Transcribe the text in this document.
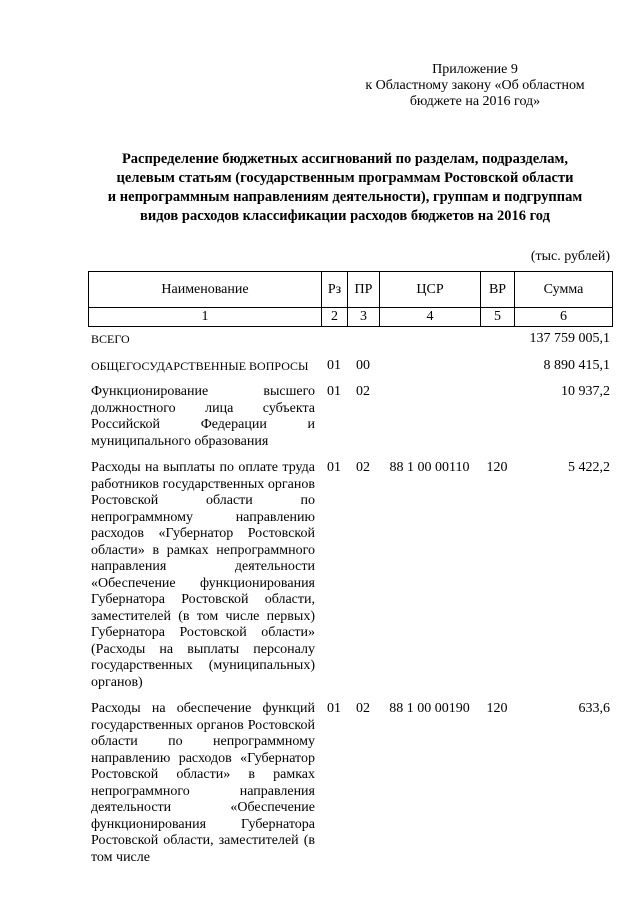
Приложение 9
к Областному закону «Об областном
бюджете на 2016 год»
Распределение бюджетных ассигнований по разделам, подразделам,
целевым статьям (государственным программам Ростовской области
и непрограммным направлениям деятельности), группам и подгруппам
видов расходов классификации расходов бюджетов на 2016 год
(тыс. рублей)
Наименование	Рз	ПР	ЦСР	ВР	Сумма
1	2	3	4	5	6
ВСЕГО					137 759 005,1
ОБЩЕГОСУДАРСТВЕННЫЕ ВОПРОСЫ	01	00			8 890 415,1
Функционирование высшего должностного лица субъекта Российской Федерации и муниципального образования	01	02			10 937,2
Расходы на выплаты по оплате труда работников государственных органов Ростовской области по непрограммному направлению расходов «Губернатор Ростовской области» в рамках непрограммного направления деятельности «Обеспечение функционирования Губернатора Ростовской области, заместителей (в том числе первых) Губернатора Ростовской области» (Расходы на выплаты персоналу государственных (муниципальных) органов)	01	02	88 1 00 00110	120	5 422,2
Расходы на обеспечение функций государственных органов Ростовской области по непрограммному направлению расходов «Губернатор Ростовской области» в рамках непрограммного направления деятельности «Обеспечение функционирования Губернатора Ростовской области, заместителей (в том числе	01	02	88 1 00 00190	120	633,6
